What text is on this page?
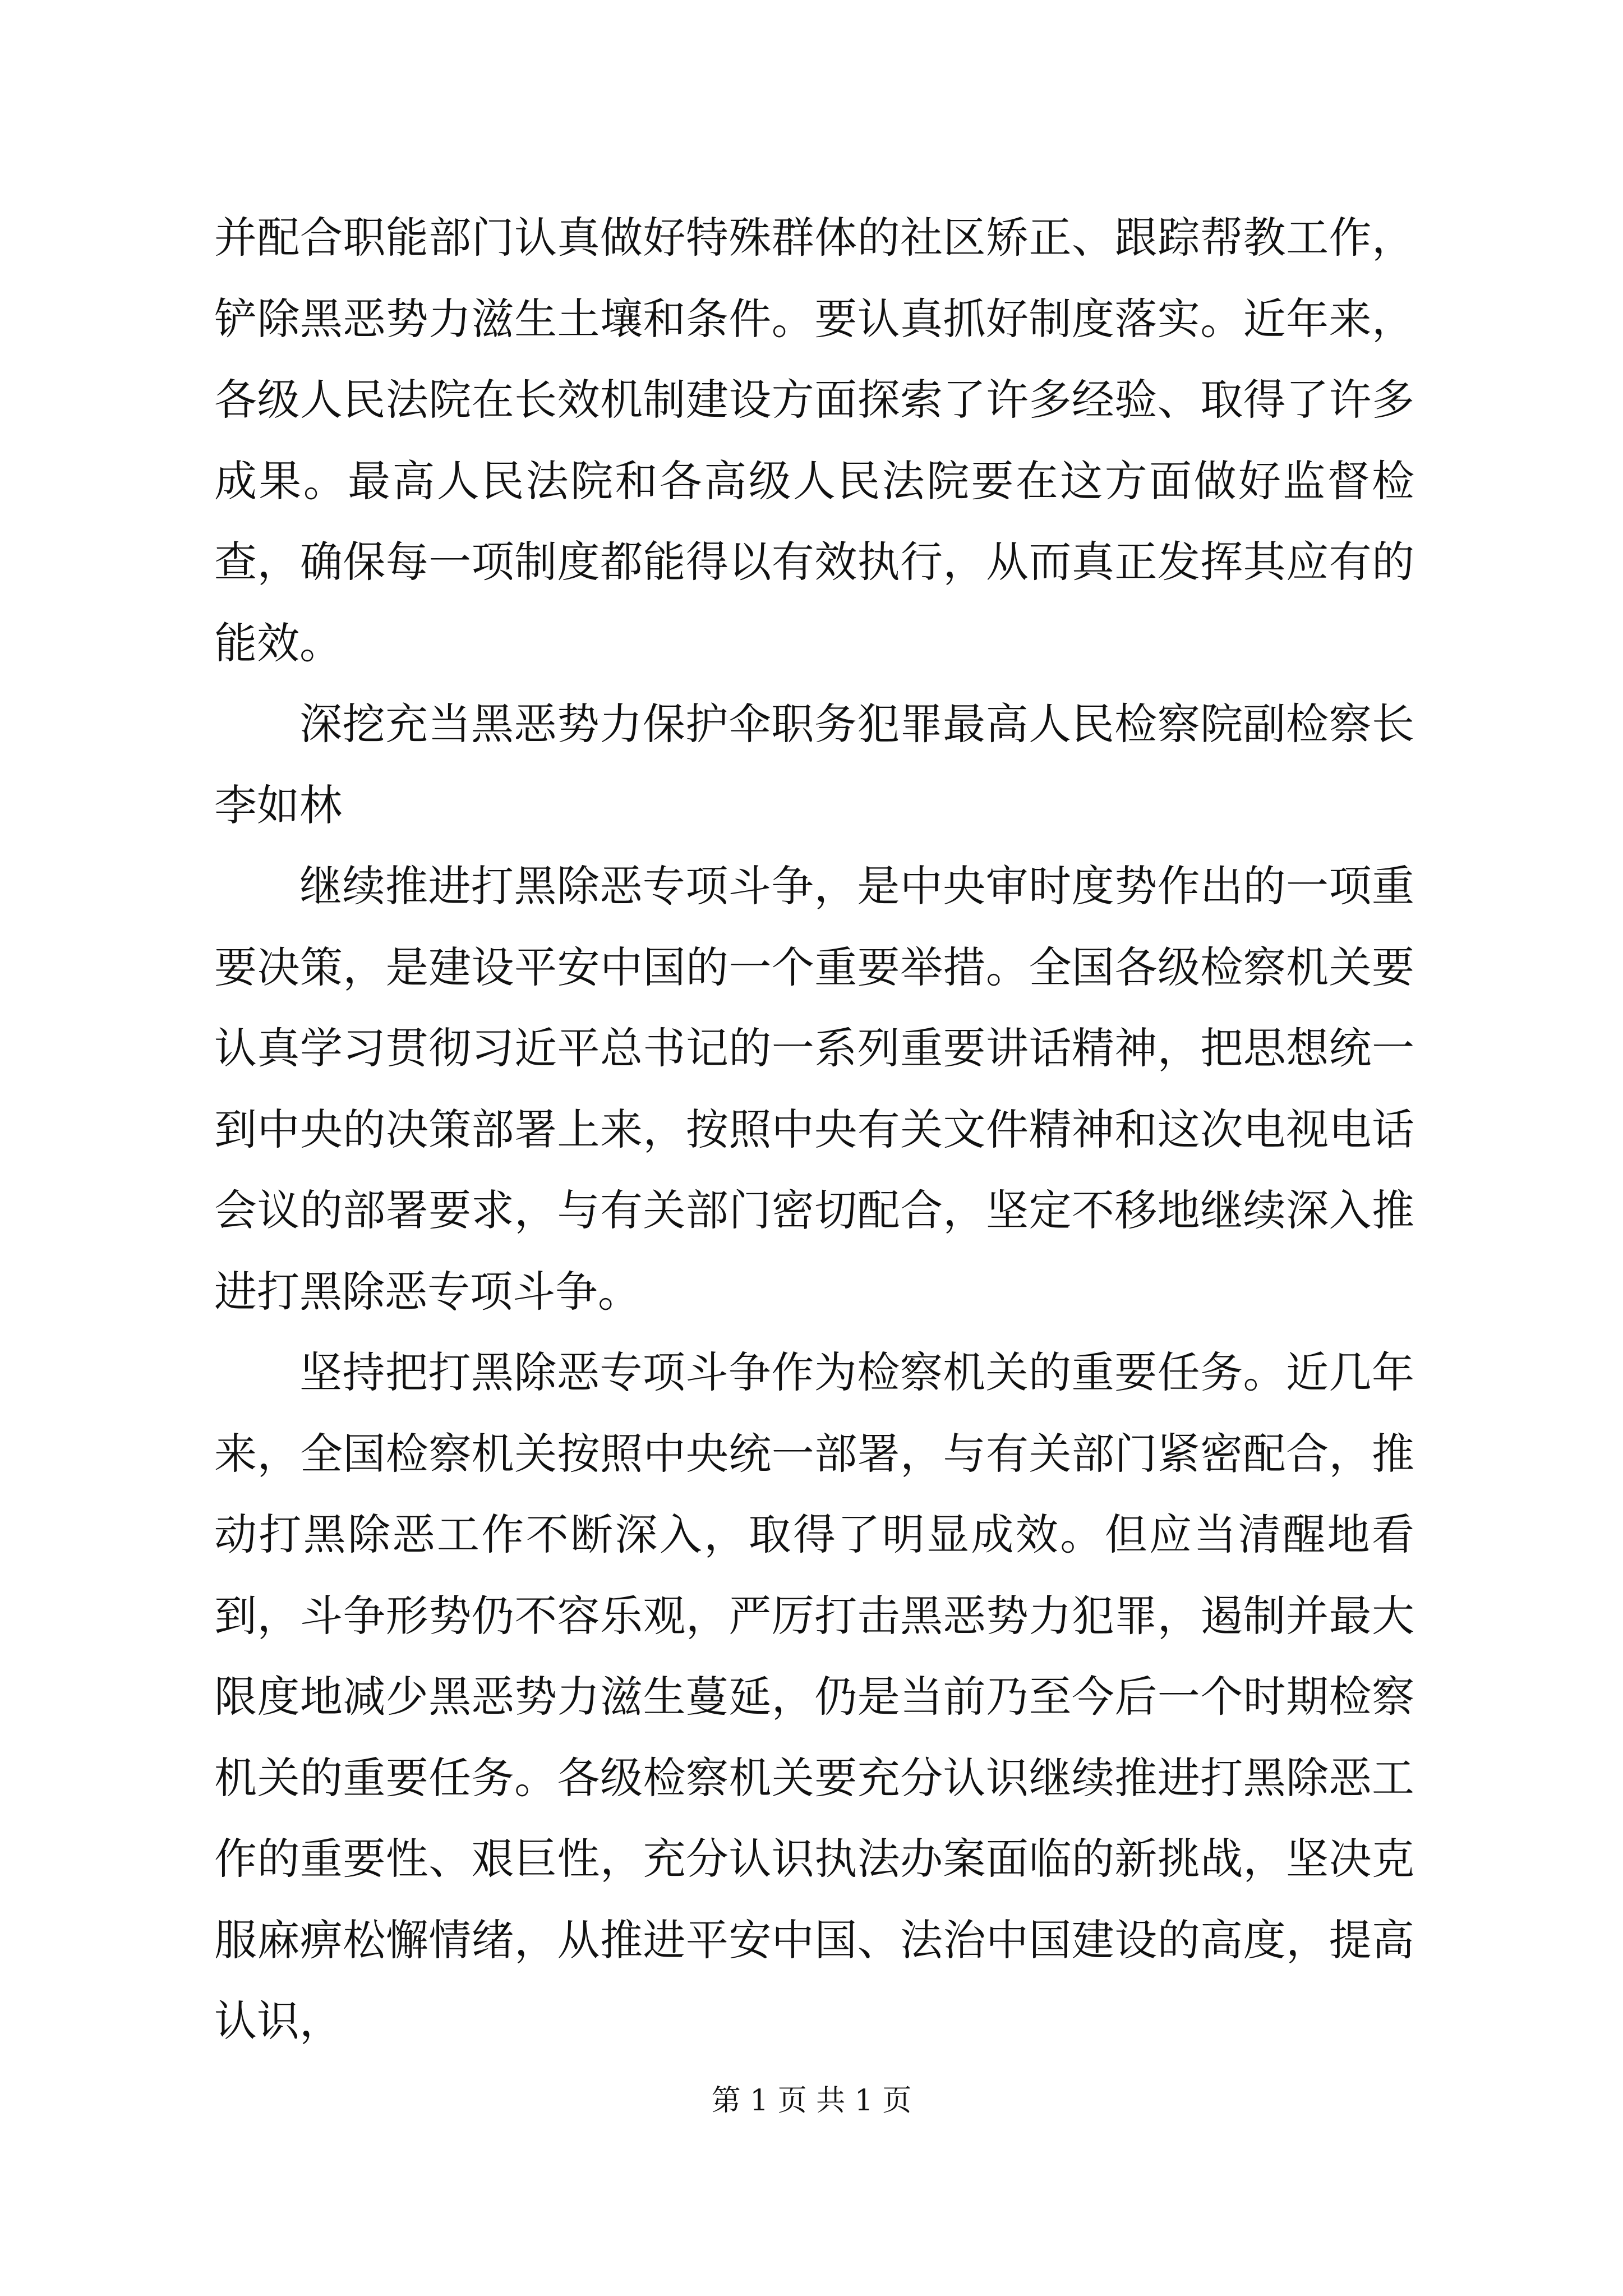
并配合职能部门认真做好特殊群体的社区矫正、跟踪帮教工作，铲除黑恶势力滋生土壤和条件。要认真抓好制度落实。近年来，各级人民法院在长效机制建设方面探索了许多经验、取得了许多成果。最高人民法院和各高级人民法院要在这方面做好监督检查，确保每一项制度都能得以有效执行，从而真正发挥其应有的能效。

深挖充当黑恶势力保护伞职务犯罪最高人民检察院副检察长李如林

继续推进打黑除恶专项斗争，是中央审时度势作出的一项重要决策，是建设平安中国的一个重要举措。全国各级检察机关要认真学习贯彻习近平总书记的一系列重要讲话精神，把思想统一到中央的决策部署上来，按照中央有关文件精神和这次电视电话会议的部署要求，与有关部门密切配合，坚定不移地继续深入推进打黑除恶专项斗争。

坚持把打黑除恶专项斗争作为检察机关的重要任务。近几年来，全国检察机关按照中央统一部署，与有关部门紧密配合，推动打黑除恶工作不断深入，取得了明显成效。但应当清醒地看到，斗争形势仍不容乐观，严厉打击黑恶势力犯罪，遏制并最大限度地减少黑恶势力滋生蔓延，仍是当前乃至今后一个时期检察机关的重要任务。各级检察机关要充分认识继续推进打黑除恶工作的重要性、艰巨性，充分认识执法办案面临的新挑战，坚决克服麻痹松懈情绪，从推进平安中国、法治中国建设的高度，提高认识，

第 1 页 共 1 页
